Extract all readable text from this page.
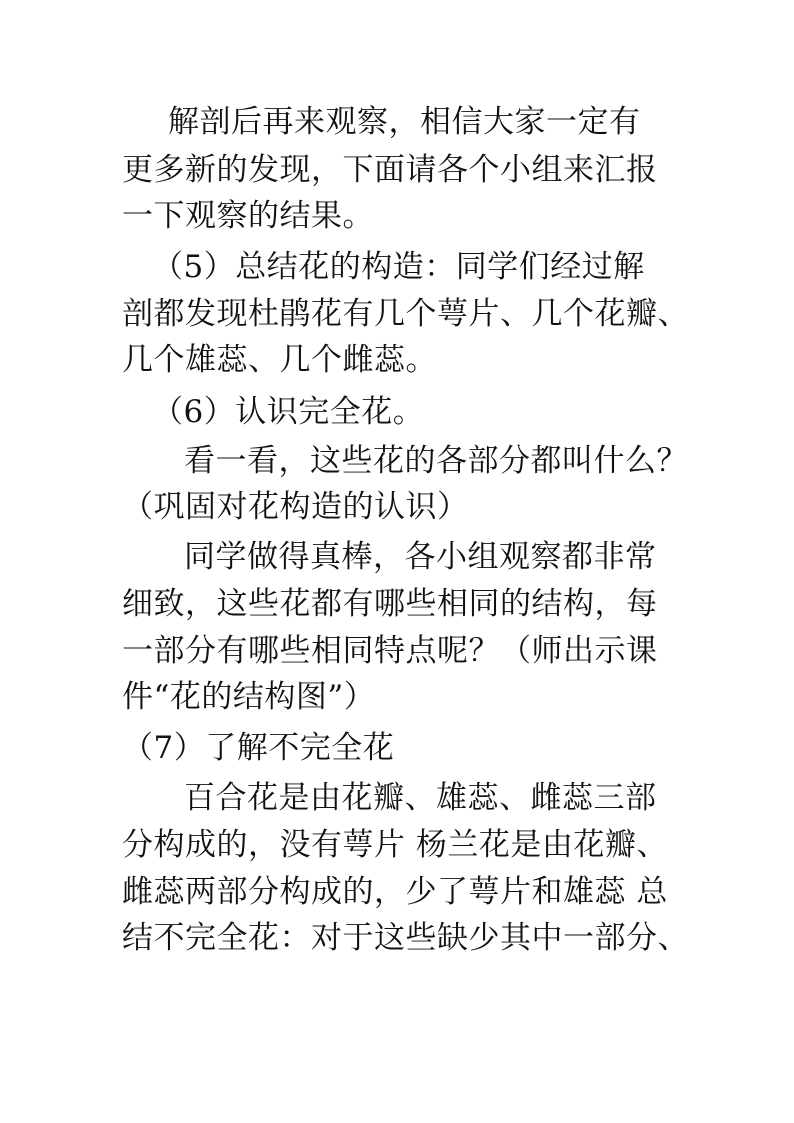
解剖后再来观察，相信大家一定有
更多新的发现，下面请各个小组来汇报
一下观察的结果。
（5）总结花的构造：同学们经过解
剖都发现杜鹃花有几个萼片、几个花瓣、
几个雄蕊、几个雌蕊。
（6）认识完全花。
看一看，这些花的各部分都叫什么？
（巩固对花构造的认识）
同学做得真棒，各小组观察都非常
细致，这些花都有哪些相同的结构，每
一部分有哪些相同特点呢？（师出示课
件“花的结构图”）
（7）了解不完全花
百合花是由花瓣、雄蕊、雌蕊三部
分构成的，没有萼片 杨兰花是由花瓣、
雌蕊两部分构成的，少了萼片和雄蕊 总
结不完全花：对于这些缺少其中一部分、
